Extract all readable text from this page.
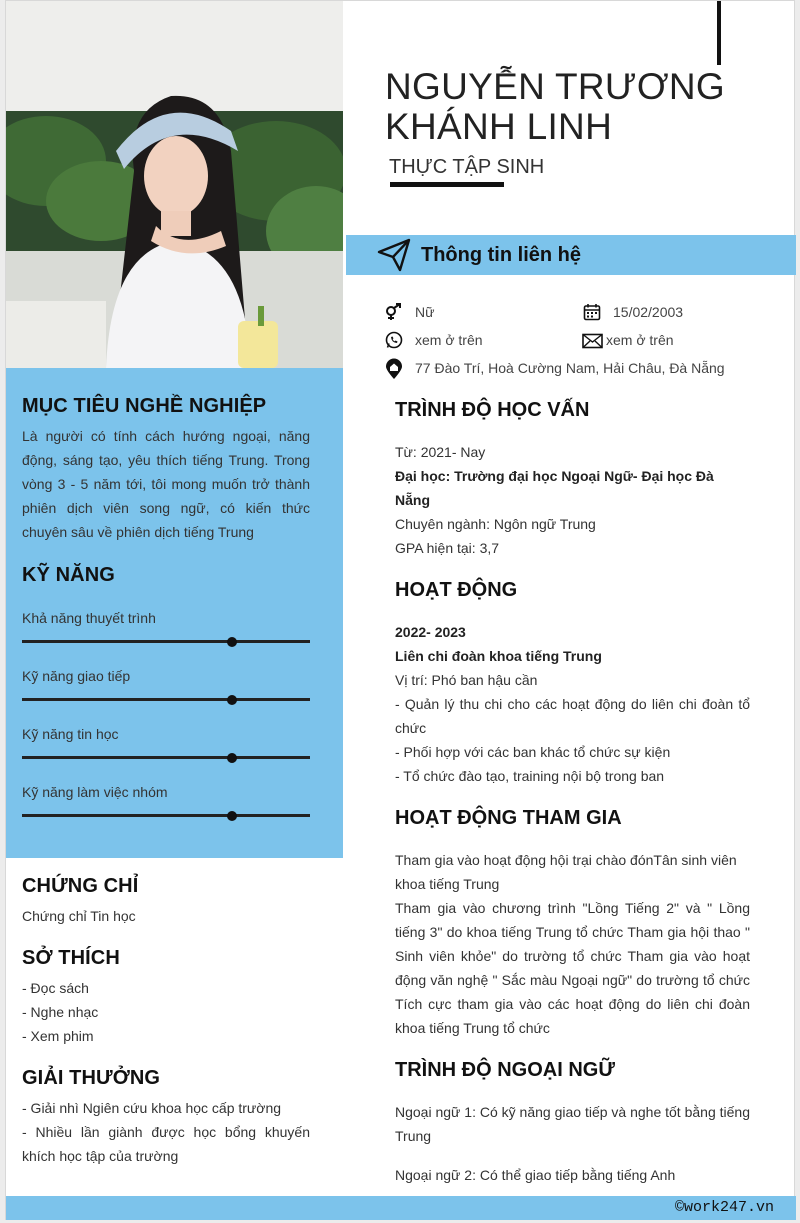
MỤC TIÊU NGHỀ NGHIỆP
Là người có tính cách hướng ngoại, năng động, sáng tạo, yêu thích tiếng Trung. Trong vòng 3 - 5 năm tới, tôi mong muốn trở thành phiên dịch viên song ngữ, có kiến thức chuyên sâu về phiên dịch tiếng Trung
KỸ NĂNG
Khả năng thuyết trình
Kỹ năng giao tiếp
Kỹ năng tin học
Kỹ năng làm việc nhóm
CHỨNG CHỈ
Chứng chỉ Tin học
SỞ THÍCH
- Đọc sách
- Nghe nhạc
- Xem phim
GIẢI THƯỞNG
- Giải nhì Ngiên cứu khoa học cấp trường
- Nhiều lần giành được học bổng khuyến khích học tập của trường
NGUYỄN TRƯƠNG KHÁNH LINH
THỰC TẬP SINH
Thông tin liên hệ
Nữ	15/02/2003
xem ở trên	xem ở trên
77 Đào Trí, Hoà Cường Nam, Hải Châu, Đà Nẵng
TRÌNH ĐỘ HỌC VẤN
Từ: 2021- Nay
Đại học: Trường đại học Ngoại Ngữ- Đại học Đà Nẵng
Chuyên ngành: Ngôn ngữ Trung
GPA hiện tại: 3,7
HOẠT ĐỘNG
2022- 2023
Liên chi đoàn khoa tiếng Trung
Vị trí: Phó ban hậu cần
- Quản lý thu chi cho các hoạt động do liên chi đoàn tổ chức
- Phối hợp với các ban khác tổ chức sự kiện
- Tổ chức đào tạo, training nội bộ trong ban
HOẠT ĐỘNG THAM GIA
Tham gia vào hoạt động hội trại chào đónTân sinh viên khoa tiếng Trung
Tham gia vào chương trình "Lồng Tiếng 2" và " Lồng tiếng 3" do khoa tiếng Trung tổ chức Tham gia hội thao " Sinh viên khỏe" do trường tổ chức Tham gia vào hoạt động văn nghệ " Sắc màu Ngoại ngữ" do trường tổ chức Tích cực tham gia vào các hoạt động do liên chi đoàn khoa tiếng Trung tổ chức
TRÌNH ĐỘ NGOẠI NGỮ
Ngoại ngữ 1: Có kỹ năng giao tiếp và nghe tốt bằng tiếng Trung
Ngoại ngữ 2: Có thể giao tiếp bằng tiếng Anh
©work247.vn
